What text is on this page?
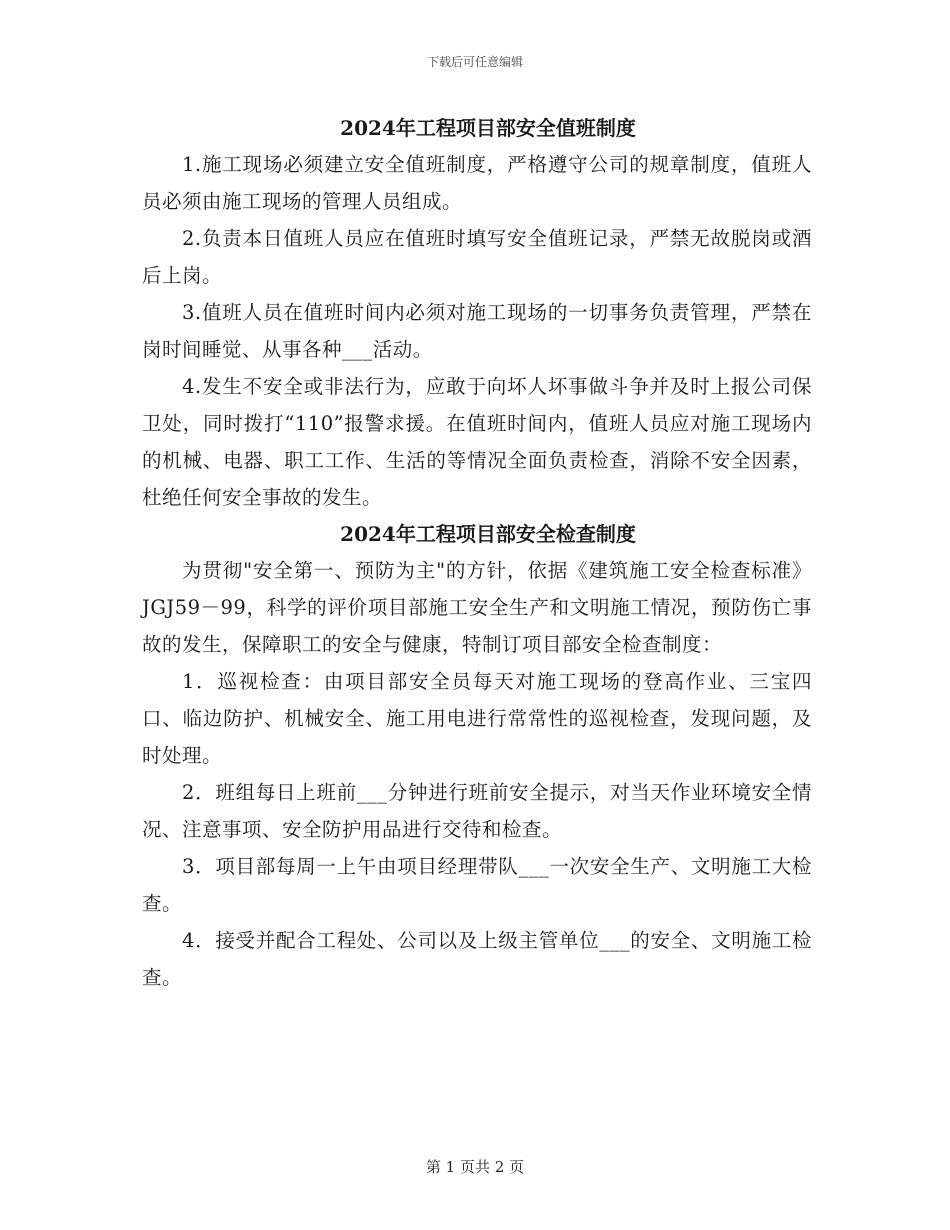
下载后可任意编辑
2024年工程项目部安全值班制度

1.施工现场必须建立安全值班制度，严格遵守公司的规章制度，值班人员必须由施工现场的管理人员组成。

2.负责本日值班人员应在值班时填写安全值班记录，严禁无故脱岗或酒后上岗。

3.值班人员在值班时间内必须对施工现场的一切事务负责管理，严禁在岗时间睡觉、从事各种___活动。

4.发生不安全或非法行为，应敢于向坏人坏事做斗争并及时上报公司保卫处，同时拨打“110”报警求援。在值班时间内，值班人员应对施工现场内的机械、电器、职工工作、生活的等情况全面负责检查，消除不安全因素，杜绝任何安全事故的发生。

2024年工程项目部安全检查制度

为贯彻"安全第一、预防为主"的方针，依据《建筑施工安全检查标准》JGJ59－99，科学的评价项目部施工安全生产和文明施工情况，预防伤亡事故的发生，保障职工的安全与健康，特制订项目部安全检查制度：

1．巡视检查：由项目部安全员每天对施工现场的登高作业、三宝四口、临边防护、机械安全、施工用电进行常常性的巡视检查，发现问题，及时处理。

2．班组每日上班前___分钟进行班前安全提示，对当天作业环境安全情况、注意事项、安全防护用品进行交待和检查。

3．项目部每周一上午由项目经理带队___一次安全生产、文明施工大检查。

4．接受并配合工程处、公司以及上级主管单位___的安全、文明施工检查。

第 1 页共 2 页
